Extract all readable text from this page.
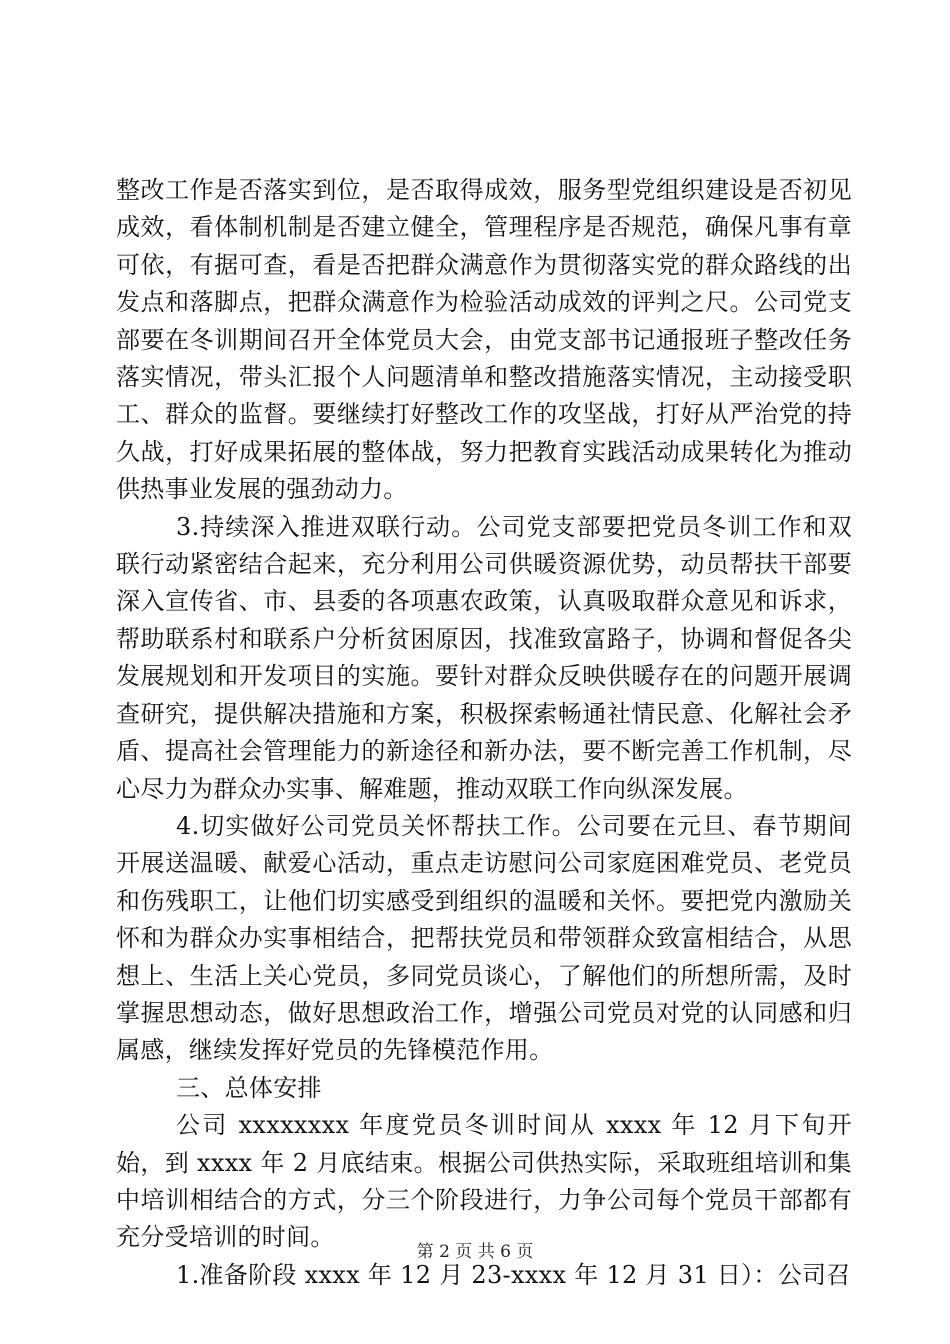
整改工作是否落实到位，是否取得成效，服务型党组织建设是否初见成效，看体制机制是否建立健全，管理程序是否规范，确保凡事有章可依，有据可查，看是否把群众满意作为贯彻落实党的群众路线的出发点和落脚点，把群众满意作为检验活动成效的评判之尺。公司党支部要在冬训期间召开全体党员大会，由党支部书记通报班子整改任务落实情况，带头汇报个人问题清单和整改措施落实情况，主动接受职工、群众的监督。要继续打好整改工作的攻坚战，打好从严治党的持久战，打好成果拓展的整体战，努力把教育实践活动成果转化为推动供热事业发展的强劲动力。

3.持续深入推进双联行动。公司党支部要把党员冬训工作和双联行动紧密结合起来，充分利用公司供暖资源优势，动员帮扶干部要深入宣传省、市、县委的各项惠农政策，认真吸取群众意见和诉求，帮助联系村和联系户分析贫困原因，找准致富路子，协调和督促各尖发展规划和开发项目的实施。要针对群众反映供暖存在的问题开展调查研究，提供解决措施和方案，积极探索畅通社情民意、化解社会矛盾、提高社会管理能力的新途径和新办法，要不断完善工作机制，尽心尽力为群众办实事、解难题，推动双联工作向纵深发展。

4.切实做好公司党员关怀帮扶工作。公司要在元旦、春节期间开展送温暖、献爱心活动，重点走访慰问公司家庭困难党员、老党员和伤残职工，让他们切实感受到组织的温暖和关怀。要把党内激励关怀和为群众办实事相结合，把帮扶党员和带领群众致富相结合，从思想上、生活上关心党员，多同党员谈心，了解他们的所想所需，及时掌握思想动态，做好思想政治工作，增强公司党员对党的认同感和归属感，继续发挥好党员的先锋模范作用。

三、总体安排

公司 xxxxxxxx 年度党员冬训时间从 xxxx 年 12 月下旬开始，到 xxxx 年 2 月底结束。根据公司供热实际，采取班组培训和集中培训相结合的方式，分三个阶段进行，力争公司每个党员干部都有充分受培训的时间。

1.准备阶段 xxxx 年 12 月 23-xxxx 年 12 月 31 日）：公司召

第 2 页 共 6 页
